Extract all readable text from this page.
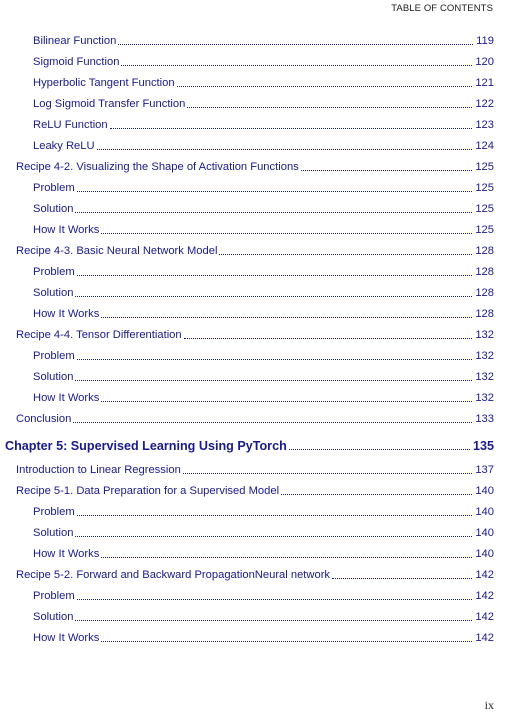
TABLE OF CONTENTS
Bilinear Function	119
Sigmoid Function	120
Hyperbolic Tangent Function	121
Log Sigmoid Transfer Function	122
ReLU Function	123
Leaky ReLU	124
Recipe 4-2. Visualizing the Shape of Activation Functions	125
Problem	125
Solution	125
How It Works	125
Recipe 4-3. Basic Neural Network Model	128
Problem	128
Solution	128
How It Works	128
Recipe 4-4. Tensor Differentiation	132
Problem	132
Solution	132
How It Works	132
Conclusion	133
Chapter 5: Supervised Learning Using PyTorch	135
Introduction to Linear Regression	137
Recipe 5-1. Data Preparation for a Supervised Model	140
Problem	140
Solution	140
How It Works	140
Recipe 5-2. Forward and Backward PropagationNeural network	142
Problem	142
Solution	142
How It Works	142
ix
